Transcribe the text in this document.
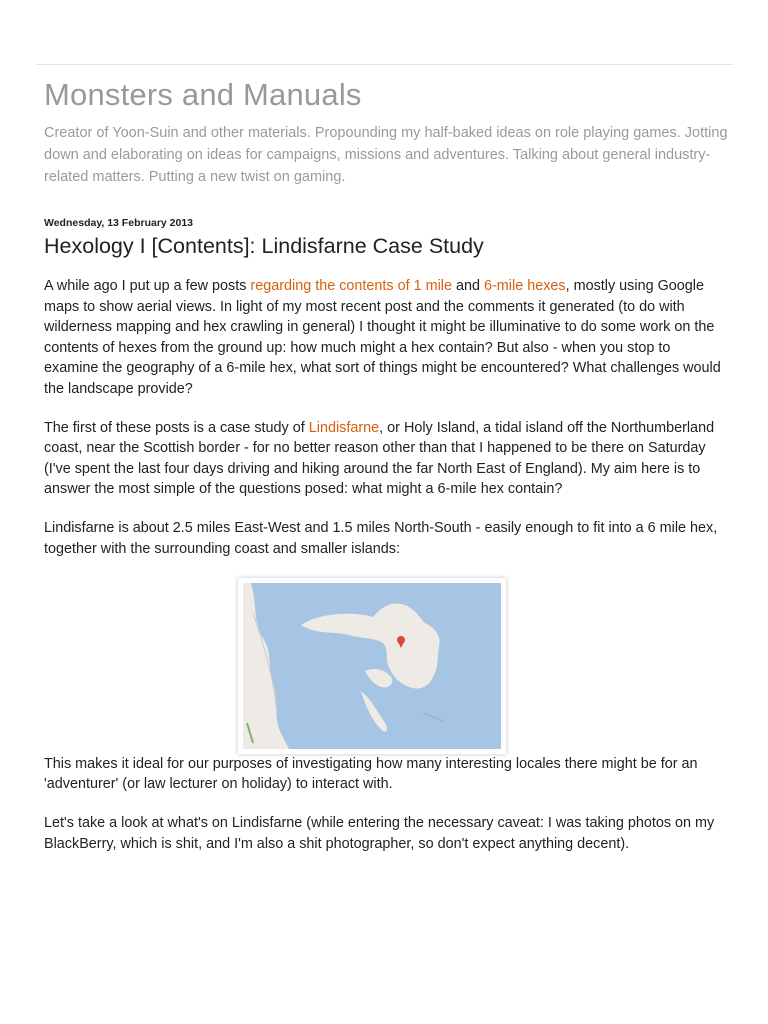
Monsters and Manuals
Creator of Yoon-Suin and other materials. Propounding my half-baked ideas on role playing games. Jotting down and elaborating on ideas for campaigns, missions and adventures. Talking about general industry-related matters. Putting a new twist on gaming.
Wednesday, 13 February 2013
Hexology I [Contents]: Lindisfarne Case Study

A while ago I put up a few posts regarding the contents of 1 mile and 6-mile hexes, mostly using Google maps to show aerial views. In light of my most recent post and the comments it generated (to do with wilderness mapping and hex crawling in general) I thought it might be illuminative to do some work on the contents of hexes from the ground up: how much might a hex contain? But also - when you stop to examine the geography of a 6-mile hex, what sort of things might be encountered? What challenges would the landscape provide?

The first of these posts is a case study of Lindisfarne, or Holy Island, a tidal island off the Northumberland coast, near the Scottish border - for no better reason other than that I happened to be there on Saturday (I've spent the last four days driving and hiking around the far North East of England). My aim here is to answer the most simple of the questions posed: what might a 6-mile hex contain?

Lindisfarne is about 2.5 miles East-West and 1.5 miles North-South - easily enough to fit into a 6 mile hex, together with the surrounding coast and smaller islands:

This makes it ideal for our purposes of investigating how many interesting locales there might be for an 'adventurer' (or law lecturer on holiday) to interact with.

Let's take a look at what's on Lindisfarne (while entering the necessary caveat: I was taking photos on my BlackBerry, which is shit, and I'm also a shit photographer, so don't expect anything decent).
